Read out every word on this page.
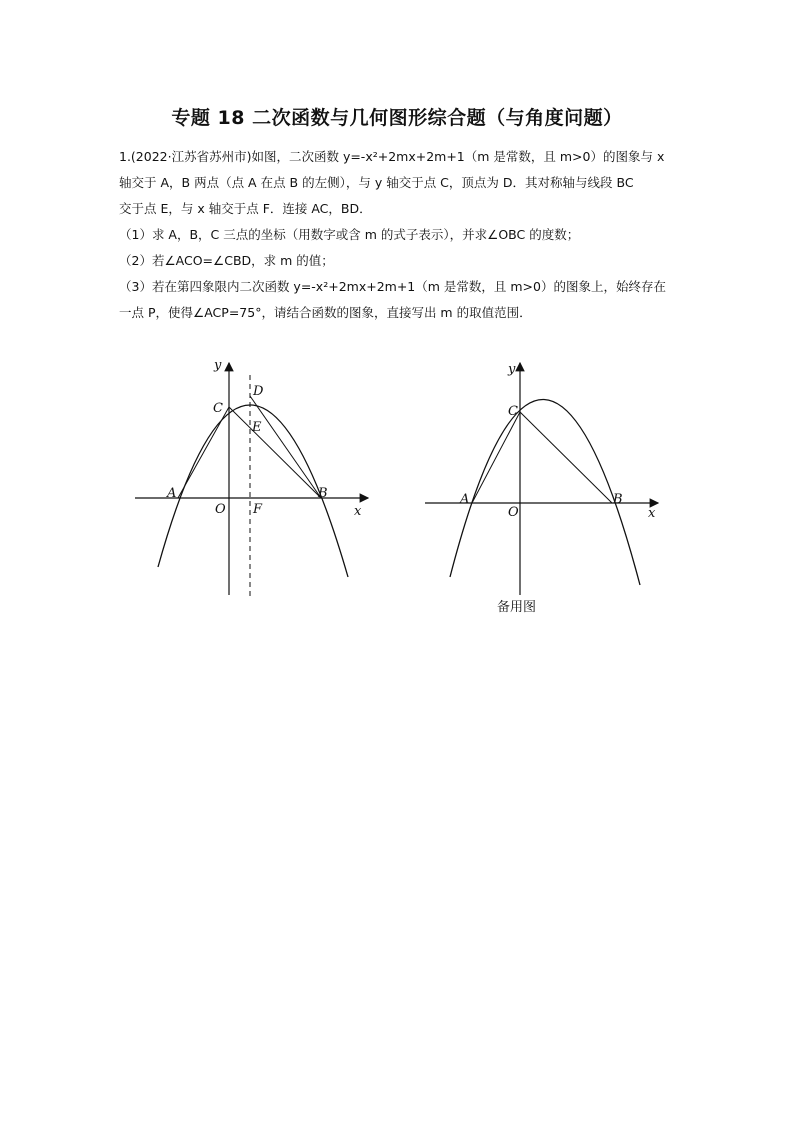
专题 18 二次函数与几何图形综合题（与角度问题）
1.(2022·江苏省苏州市)如图，二次函数 y=-x²+2mx+2m+1（m 是常数，且 m>0）的图象与 x
轴交于 A，B 两点（点 A 在点 B 的左侧），与 y 轴交于点 C，顶点为 D．其对称轴与线段 BC
交于点 E，与 x 轴交于点 F．连接 AC，BD．
（1）求 A，B，C 三点的坐标（用数字或含 m 的式子表示），并求∠OBC 的度数；
（2）若∠ACO=∠CBD，求 m 的值；
（3）若在第四象限内二次函数 y=-x²+2mx+2m+1（m 是常数，且 m>0）的图象上，始终存在
一点 P，使得∠ACP=75°，请结合函数的图象，直接写出 m 的取值范围．
y
x
O
A	B
C
D
E
F
y
x
O
A	B
C
备用图
